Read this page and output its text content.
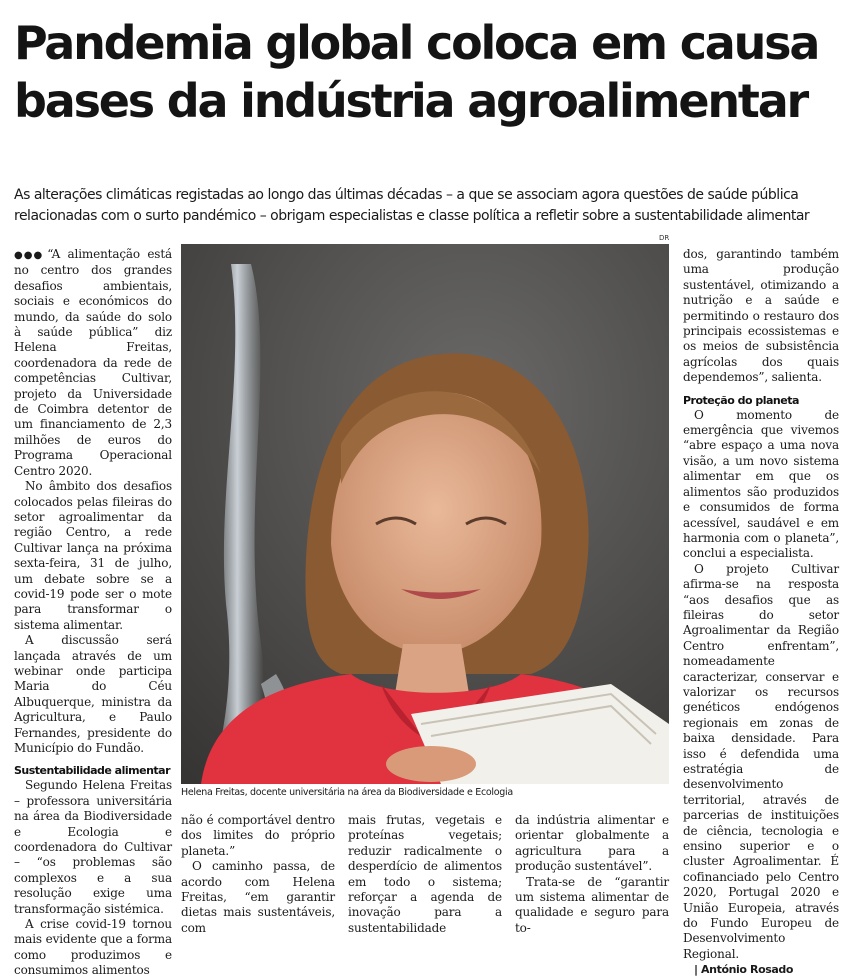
Pandemia global coloca em causa
bases da indústria agroalimentar
As alterações climáticas registadas ao longo das últimas décadas – a que se associam agora questões de saúde pública relacionadas com o surto pandémico – obrigam especialistas e classe política a refletir sobre a sustentabilidade alimentar

●●● “A alimentação está no centro dos grandes desafios ambientais, sociais e económicos do mundo, da saúde do solo à saúde pública” diz Helena Freitas, coordenadora da rede de competências Cultivar, projeto da Universidade de Coimbra detentor de um financiamento de 2,3 milhões de euros do Programa Operacional Centro 2020.

No âmbito dos desafios colocados pelas fileiras do setor agroalimentar da região Centro, a rede Cultivar lança na próxima sexta-feira, 31 de julho, um debate sobre se a covid-19 pode ser o mote para transformar o sistema alimentar.

A discussão será lançada através de um webinar onde participa Maria do Céu Albuquerque, ministra da Agricultura, e Paulo Fernandes, presidente do Município do Fundão.

Sustentabilidade alimentar

Segundo Helena Freitas – professora universitária na área da Biodiversidade e Ecologia e coordenadora do Cultivar – “os problemas são complexos e a sua resolução exige uma transformação sistémica.

A crise covid-19 tornou mais evidente que a forma como produzimos e consumimos alimentos

DR
Helena Freitas, docente universitária na área da Biodiversidade e Ecologia

não é comportável dentro dos limites do próprio planeta.”

O caminho passa, de acordo com Helena Freitas, “em garantir dietas mais sustentáveis, com

mais frutas, vegetais e proteínas vegetais; reduzir radicalmente o desperdício de alimentos em todo o sistema; reforçar a agenda de inovação para a sustentabilidade

da indústria alimentar e orientar globalmente a agricultura para a produção sustentável”.

Trata-se de “garantir um sistema alimentar de qualidade e seguro para to-

dos, garantindo também uma produção sustentável, otimizando a nutrição e a saúde e permitindo o restauro dos principais ecossistemas e os meios de subsistência agrícolas dos quais dependemos”, salienta.

Proteção do planeta

O momento de emergência que vivemos “abre espaço a uma nova visão, a um novo sistema alimentar em que os alimentos são produzidos e consumidos de forma acessível, saudável e em harmonia com o planeta”, conclui a especialista.

O projeto Cultivar afirma-se na resposta “aos desafios que as fileiras do setor Agroalimentar da Região Centro enfrentam”, nomeadamente caracterizar, conservar e valorizar os recursos genéticos endógenos regionais em zonas de baixa densidade. Para isso é defendida uma estratégia de desenvolvimento territorial, através de parcerias de instituições de ciência, tecnologia e ensino superior e o cluster Agroalimentar. É cofinanciado pelo Centro 2020, Portugal 2020 e União Europeia, através do Fundo Europeu de Desenvolvimento Regional.

| António Rosado
